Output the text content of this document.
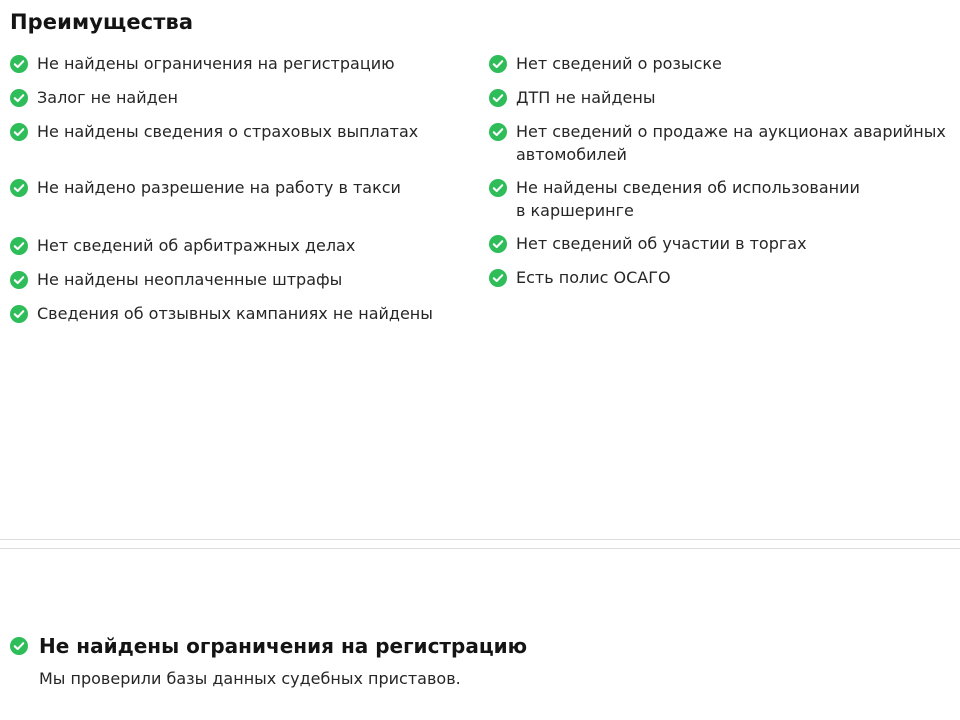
Преимущества
Не найдены ограничения на регистрацию
Залог не найден
Не найдены сведения о страховых выплатах
Не найдено разрешение на работу в такси
Нет сведений об арбитражных делах
Не найдены неоплаченные штрафы
Сведения об отзывных кампаниях не найдены
Нет сведений о розыске
ДТП не найдены
Нет сведений о продаже на аукционах аварийных
автомобилей
Не найдены сведения об использовании
в каршеринге
Нет сведений об участии в торгах
Есть полис ОСАГО
Не найдены ограничения на регистрацию

Мы проверили базы данных судебных приставов.
